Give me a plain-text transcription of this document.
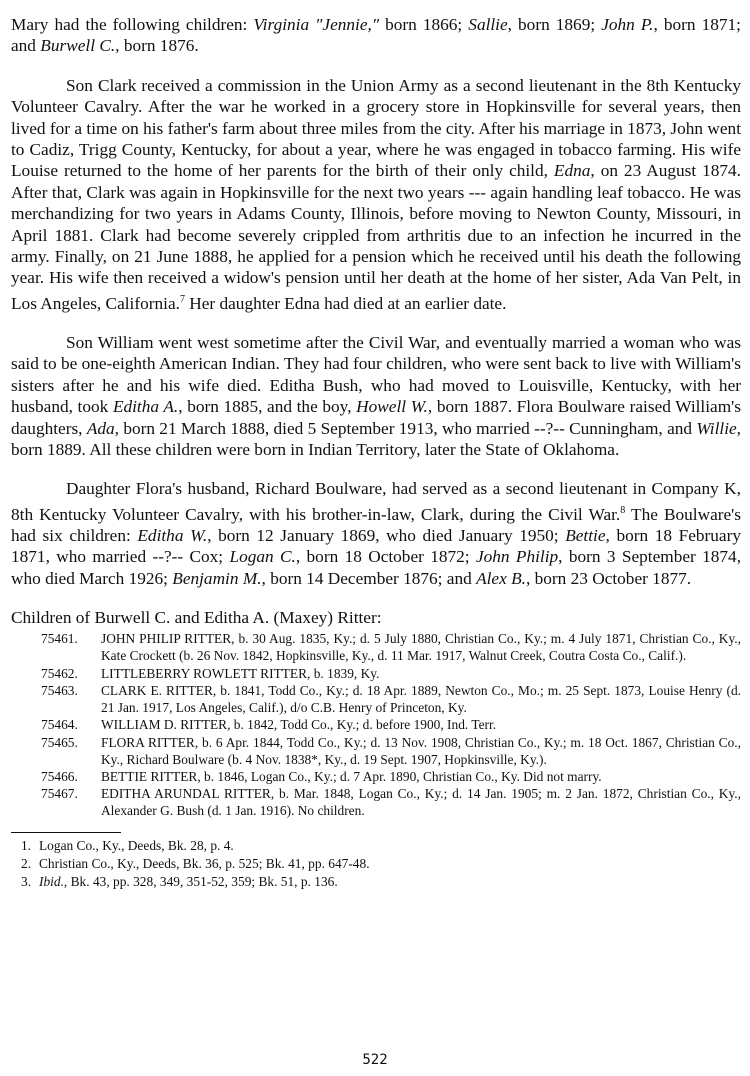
Mary had the following children: Virginia "Jennie," born 1866; Sallie, born 1869; John P., born 1871; and Burwell C., born 1876.

Son Clark received a commission in the Union Army as a second lieutenant in the 8th Kentucky Volunteer Cavalry. After the war he worked in a grocery store in Hopkinsville for several years, then lived for a time on his father's farm about three miles from the city. After his marriage in 1873, John went to Cadiz, Trigg County, Kentucky, for about a year, where he was engaged in tobacco farming. His wife Louise returned to the home of her parents for the birth of their only child, Edna, on 23 August 1874. After that, Clark was again in Hopkinsville for the next two years --- again handling leaf tobacco. He was merchandizing for two years in Adams County, Illinois, before moving to Newton County, Missouri, in April 1881. Clark had become severely crippled from arthritis due to an infection he incurred in the army. Finally, on 21 June 1888, he applied for a pension which he received until his death the following year. His wife then received a widow's pension until her death at the home of her sister, Ada Van Pelt, in Los Angeles, California.$^7$ Her daughter Edna had died at an earlier date.

Son William went west sometime after the Civil War, and eventually married a woman who was said to be one-eighth American Indian. They had four children, who were sent back to live with William's sisters after he and his wife died. Editha Bush, who had moved to Louisville, Kentucky, with her husband, took Editha A., born 1885, and the boy, Howell W., born 1887. Flora Boulware raised William's daughters, Ada, born 21 March 1888, died 5 September 1913, who married --?-- Cunningham, and Willie, born 1889. All these children were born in Indian Territory, later the State of Oklahoma.

Daughter Flora's husband, Richard Boulware, had served as a second lieutenant in Company K, 8th Kentucky Volunteer Cavalry, with his brother-in-law, Clark, during the Civil War.$^8$ The Boulware's had six children: Editha W., born 12 January 1869, who died January 1950; Bettie, born 18 February 1871, who married --?-- Cox; Logan C., born 18 October 1872; John Philip, born 3 September 1874, who died March 1926; Benjamin M., born 14 December 1876; and Alex B., born 23 October 1877.

Children of Burwell C. and Editha A. (Maxey) Ritter:
75461.	JOHN PHILIP RITTER, b. 30 Aug. 1835, Ky.; d. 5 July 1880, Christian Co., Ky.; m. 4 July 1871, Christian Co., Ky., Kate Crockett (b. 26 Nov. 1842, Hopkinsville, Ky., d. 11 Mar. 1917, Walnut Creek, Coutra Costa Co., Calif.).
75462.	LITTLEBERRY ROWLETT RITTER, b. 1839, Ky.
75463.	CLARK E. RITTER, b. 1841, Todd Co., Ky.; d. 18 Apr. 1889, Newton Co., Mo.; m. 25 Sept. 1873, Louise Henry (d. 21 Jan. 1917, Los Angeles, Calif.), d/o C.B. Henry of Princeton, Ky.
75464.	WILLIAM D. RITTER, b. 1842, Todd Co., Ky.; d. before 1900, Ind. Terr.
75465.	FLORA RITTER, b. 6 Apr. 1844, Todd Co., Ky.; d. 13 Nov. 1908, Christian Co., Ky.; m. 18 Oct. 1867, Christian Co., Ky., Richard Boulware (b. 4 Nov. 1838*, Ky., d. 19 Sept. 1907, Hopkinsville, Ky.).
75466.	BETTIE RITTER, b. 1846, Logan Co., Ky.; d. 7 Apr. 1890, Christian Co., Ky. Did not marry.
75467.	EDITHA ARUNDAL RITTER, b. Mar. 1848, Logan Co., Ky.; d. 14 Jan. 1905; m. 2 Jan. 1872, Christian Co., Ky., Alexander G. Bush (d. 1 Jan. 1916). No children.
1. Logan Co., Ky., Deeds, Bk. 28, p. 4.
2. Christian Co., Ky., Deeds, Bk. 36, p. 525; Bk. 41, pp. 647-48.
3. Ibid., Bk. 43, pp. 328, 349, 351-52, 359; Bk. 51, p. 136.
522
